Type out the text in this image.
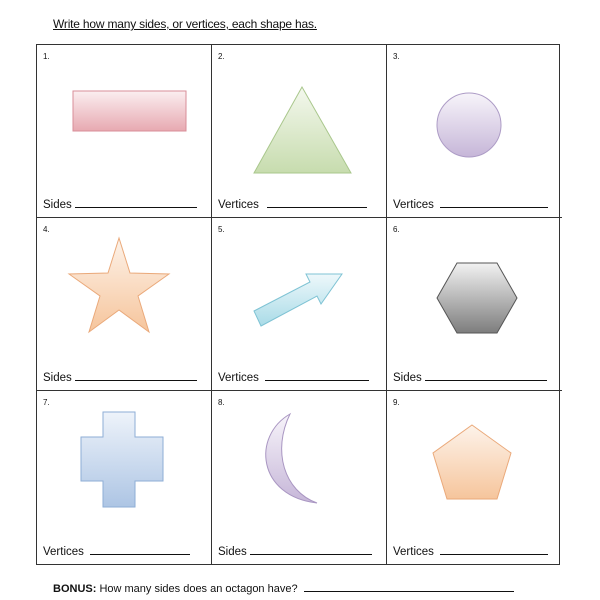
Write how many sides, or vertices, each shape has.
1.
Sides
2.
Vertices
3.
Vertices
4.
Sides
5.
Vertices
6.
Sides
7.
Vertices
8.
Sides
9.
Vertices
BONUS: How many sides does an octagon have?
